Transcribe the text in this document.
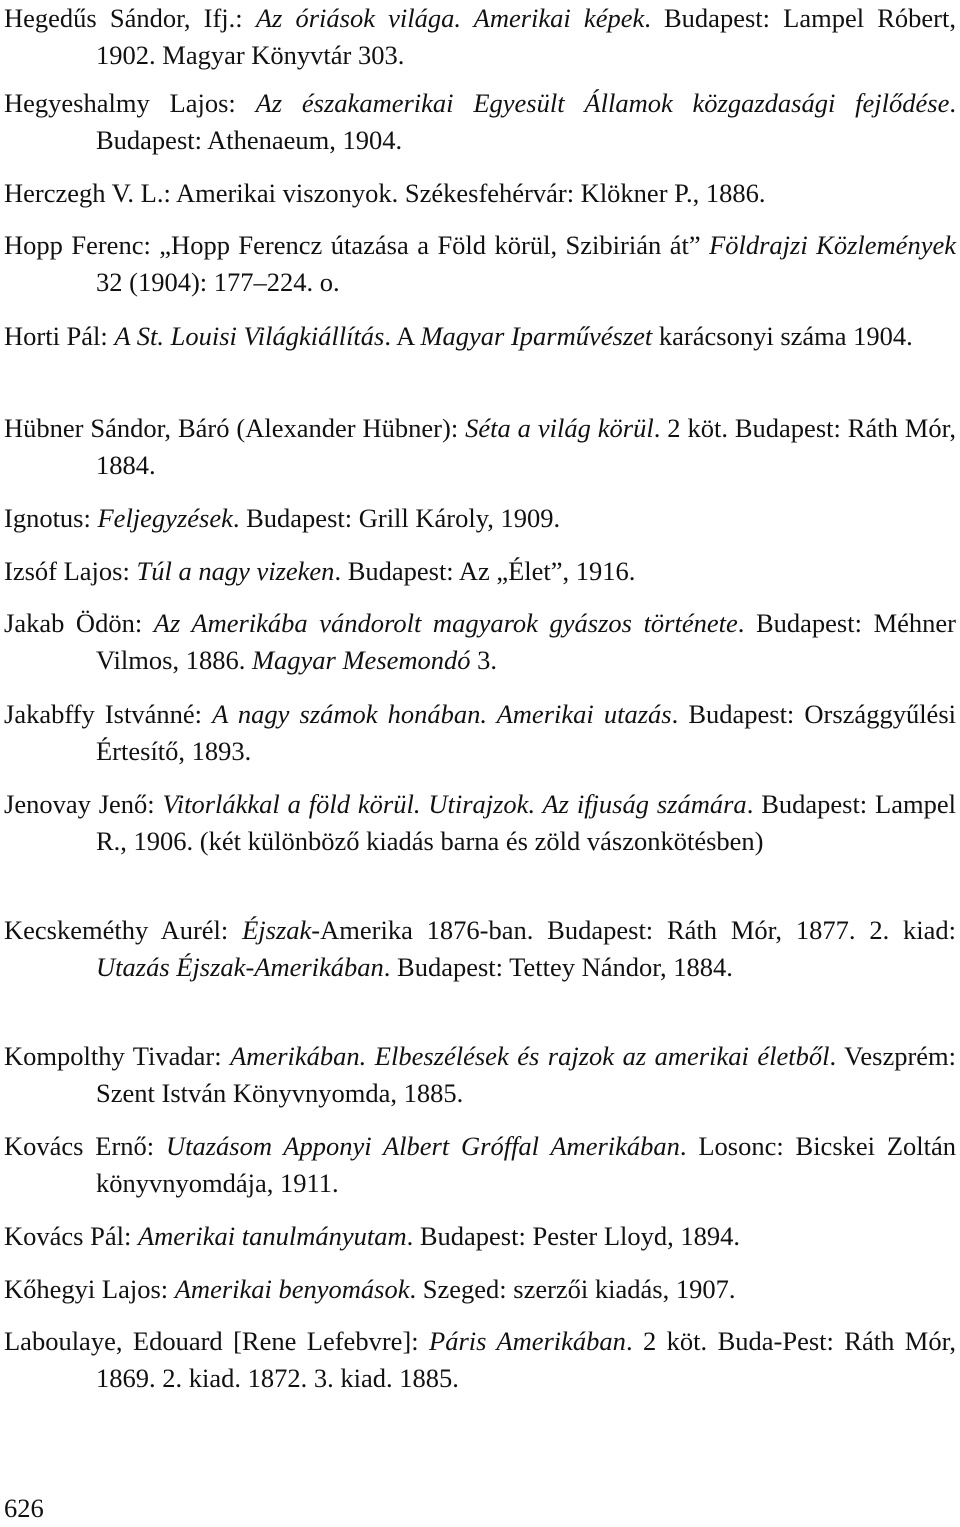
Hegedűs Sándor, Ifj.: Az óriások világa. Amerikai képek. Budapest: Lampel Róbert, 1902. Magyar Könyvtár 303.
Hegyeshalmy Lajos: Az északamerikai Egyesült Államok közgazdasági fejlődése. Budapest: Athenaeum, 1904.
Herczegh V. L.: Amerikai viszonyok. Székesfehérvár: Klökner P., 1886.
Hopp Ferenc: „Hopp Ferencz útazása a Föld körül, Szibirián át” Földrajzi Közlemények 32 (1904): 177–224. o.
Horti Pál: A St. Louisi Világkiállítás. A Magyar Iparművészet karácsonyi száma 1904.
Hübner Sándor, Báró (Alexander Hübner): Séta a világ körül. 2 köt. Budapest: Ráth Mór, 1884.
Ignotus: Feljegyzések. Budapest: Grill Károly, 1909.
Izsóf Lajos: Túl a nagy vizeken. Budapest: Az „Élet”, 1916.
Jakab Ödön: Az Amerikába vándorolt magyarok gyászos története. Budapest: Méhner Vilmos, 1886. Magyar Mesemondó 3.
Jakabffy Istvánné: A nagy számok honában. Amerikai utazás. Budapest: Országgyűlési Értesítő, 1893.
Jenovay Jenő: Vitorlákkal a föld körül. Utirajzok. Az ifjuság számára. Budapest: Lampel R., 1906. (két különböző kiadás barna és zöld vászonkötésben)
Kecskeméthy Aurél: Éjszak-Amerika 1876-ban. Budapest: Ráth Mór, 1877. 2. kiad: Utazás Éjszak-Amerikában. Budapest: Tettey Nándor, 1884.
Kompolthy Tivadar: Amerikában. Elbeszélések és rajzok az amerikai életből. Veszprém: Szent István Könyvnyomda, 1885.
Kovács Ernő: Utazásom Apponyi Albert Gróffal Amerikában. Losonc: Bicskei Zoltán könyvnyomdája, 1911.
Kovács Pál: Amerikai tanulmányutam. Budapest: Pester Lloyd, 1894.
Kőhegyi Lajos: Amerikai benyomások. Szeged: szerzői kiadás, 1907.
Laboulaye, Edouard [Rene Lefebvre]: Páris Amerikában. 2 köt. Buda-Pest: Ráth Mór, 1869. 2. kiad. 1872. 3. kiad. 1885.
626
